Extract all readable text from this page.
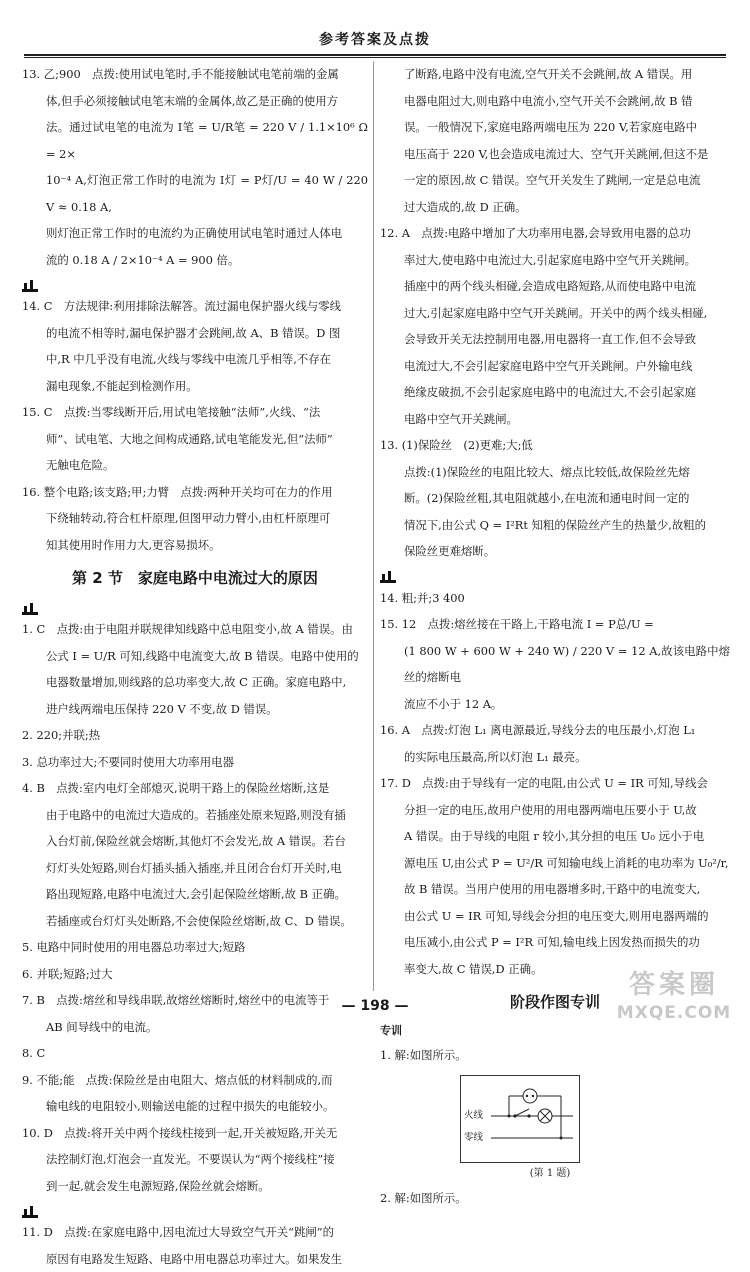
参考答案及点拨

13. 乙;900　点拨:使用试电笔时,手不能接触试电笔前端的金属

体,但手必须接触试电笔末端的金属体,故乙是正确的使用方

法。通过试电笔的电流为 I笔 = U/R笔 = 220 V / 1.1×10⁶ Ω = 2×

10⁻⁴ A,灯泡正常工作时的电流为 I灯 = P灯/U = 40 W / 220 V ≈ 0.18 A,

则灯泡正常工作时的电流约为正确使用试电笔时通过人体电

流的 0.18 A / 2×10⁻⁴ A = 900 倍。

14. C　方法规律:利用排除法解答。流过漏电保护器火线与零线

的电流不相等时,漏电保护器才会跳闸,故 A、B 错误。D 图

中,R 中几乎没有电流,火线与零线中电流几乎相等,不存在

漏电现象,不能起到检测作用。

15. C　点拨:当零线断开后,用试电笔接触“法师”,火线、“法

师”、试电笔、大地之间构成通路,试电笔能发光,但“法师”

无触电危险。

16. 整个电路;该支路;甲;力臂　点拨:两种开关均可在力的作用

下绕轴转动,符合杠杆原理,但图甲动力臂小,由杠杆原理可

知其使用时作用力大,更容易损坏。

第 2 节　家庭电路中电流过大的原因

1. C　点拨:由于电阻并联规律知线路中总电阻变小,故 A 错误。由

公式 I = U/R 可知,线路中电流变大,故 B 错误。电路中使用的

电器数量增加,则线路的总功率变大,故 C 正确。家庭电路中,

进户线两端电压保持 220 V 不变,故 D 错误。

2. 220;并联;热

3. 总功率过大;不要同时使用大功率用电器

4. B　点拨:室内电灯全部熄灭,说明干路上的保险丝熔断,这是

由于电路中的电流过大造成的。若插座处原来短路,则没有插

入台灯前,保险丝就会熔断,其他灯不会发光,故 A 错误。若台

灯灯头处短路,则台灯插头插入插座,并且闭合台灯开关时,电

路出现短路,电路中电流过大,会引起保险丝熔断,故 B 正确。

若插座或台灯灯头处断路,不会使保险丝熔断,故 C、D 错误。

5. 电路中同时使用的用电器总功率过大;短路

6. 并联;短路;过大

7. B　点拨:熔丝和导线串联,故熔丝熔断时,熔丝中的电流等于

AB 间导线中的电流。

8. C

9. 不能;能　点拨:保险丝是由电阻大、熔点低的材料制成的,而

输电线的电阻较小,则输送电能的过程中损失的电能较小。

10. D　点拨:将开关中两个接线柱接到一起,开关被短路,开关无

法控制灯泡,灯泡会一直发光。不要误认为“两个接线柱”接

到一起,就会发生电源短路,保险丝就会熔断。

11. D　点拨:在家庭电路中,因电流过大导致空气开关“跳闸”的

原因有电路发生短路、电路中用电器总功率过大。如果发生

了断路,电路中没有电流,空气开关不会跳闸,故 A 错误。用

电器电阻过大,则电路中电流小,空气开关不会跳闸,故 B 错

误。一般情况下,家庭电路两端电压为 220 V,若家庭电路中

电压高于 220 V,也会造成电流过大、空气开关跳闸,但这不是

一定的原因,故 C 错误。空气开关发生了跳闸,一定是总电流

过大造成的,故 D 正确。

12. A　点拨:电路中增加了大功率用电器,会导致用电器的总功

率过大,使电路中电流过大,引起家庭电路中空气开关跳闸。

插座中的两个线头相碰,会造成电路短路,从而使电路中电流

过大,引起家庭电路中空气开关跳闸。开关中的两个线头相碰,

会导致开关无法控制用电器,用电器将一直工作,但不会导致

电流过大,不会引起家庭电路中空气开关跳闸。户外输电线

绝缘皮破损,不会引起家庭电路中的电流过大,不会引起家庭

电路中空气开关跳闸。

13. (1)保险丝　(2)更难;大;低

点拨:(1)保险丝的电阻比较大、熔点比较低,故保险丝先熔

断。(2)保险丝粗,其电阻就越小,在电流和通电时间一定的

情况下,由公式 Q = I²Rt 知粗的保险丝产生的热量少,故粗的

保险丝更难熔断。

14. 粗;并;3 400

15. 12　点拨:熔丝接在干路上,干路电流 I = P总/U =

(1 800 W + 600 W + 240 W) / 220 V = 12 A,故该电路中熔丝的熔断电

流应不小于 12 A。

16. A　点拨:灯泡 L₁ 离电源最近,导线分去的电压最小,灯泡 L₁

的实际电压最高,所以灯泡 L₁ 最亮。

17. D　点拨:由于导线有一定的电阻,由公式 U = IR 可知,导线会

分担一定的电压,故用户使用的用电器两端电压要小于 U,故

A 错误。由于导线的电阻 r 较小,其分担的电压 U₀ 远小于电

源电压 U,由公式 P = U²/R 可知输电线上消耗的电功率为 U₀²/r,

故 B 错误。当用户使用的用电器增多时,干路中的电流变大,

由公式 U = IR 可知,导线会分担的电压变大,则用电器两端的

电压减小,由公式 P = I²R 可知,输电线上因发热而损失的功

率变大,故 C 错误,D 正确。

阶段作图专训
专训

1. 解:如图所示。

火线
零线
(第 1 题)

2. 解:如图所示。

— 198 —
答案圈
MXQE.COM
